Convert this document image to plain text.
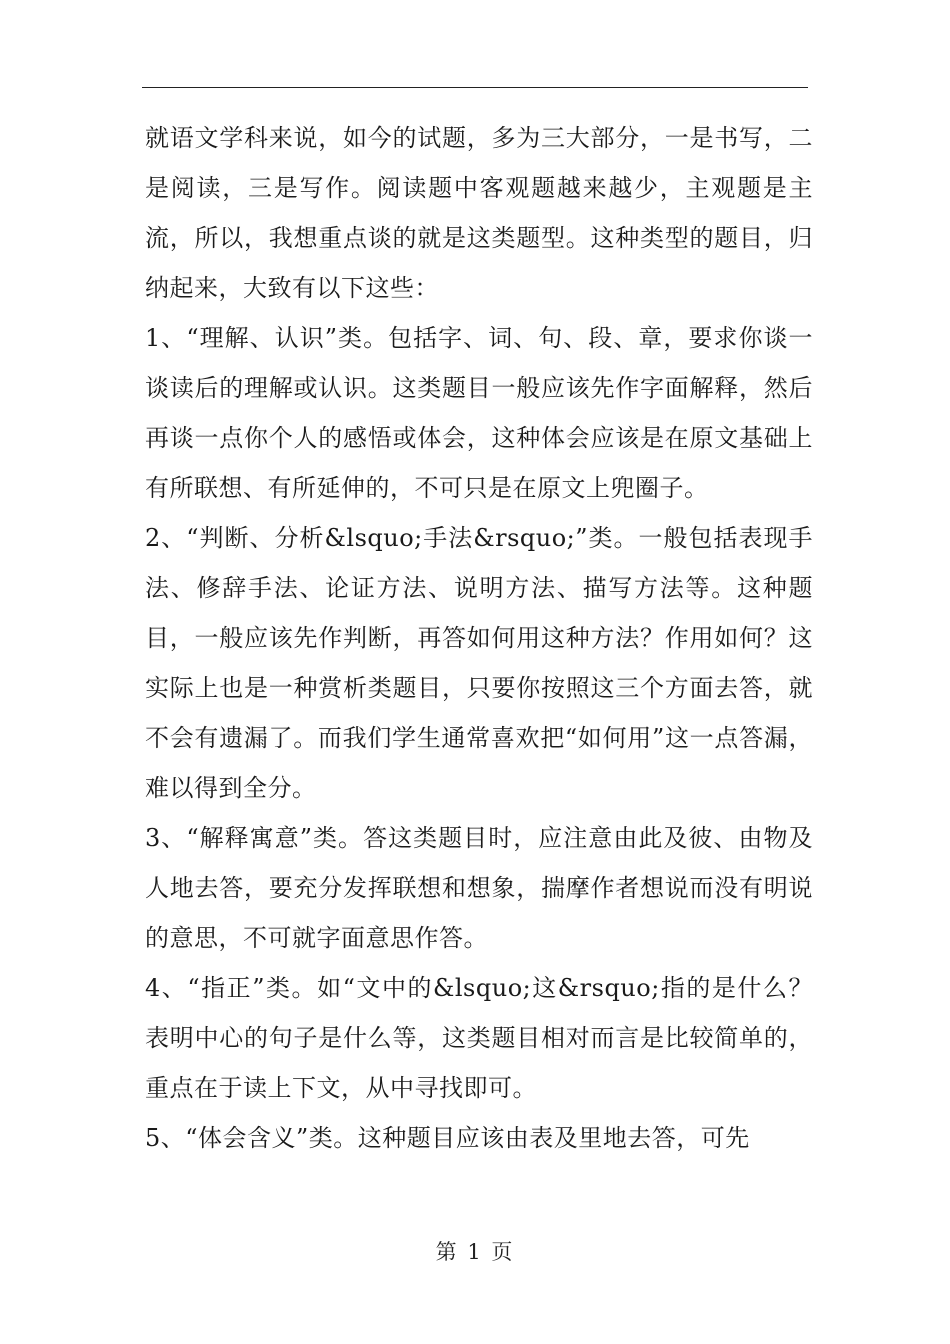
就语文学科来说，如今的试题，多为三大部分，一是书写，二是阅读，三是写作。阅读题中客观题越来越少，主观题是主流，所以，我想重点谈的就是这类题型。这种类型的题目，归纳起来，大致有以下这些：

1、“理解、认识”类。包括字、词、句、段、章，要求你谈一谈读后的理解或认识。这类题目一般应该先作字面解释，然后再谈一点你个人的感悟或体会，这种体会应该是在原文基础上有所联想、有所延伸的，不可只是在原文上兜圈子。

2、“判断、分析&lsquo;手法&rsquo;”类。一般包括表现手法、修辞手法、论证方法、说明方法、描写方法等。这种题目，一般应该先作判断，再答如何用这种方法？作用如何？这实际上也是一种赏析类题目，只要你按照这三个方面去答，就不会有遗漏了。而我们学生通常喜欢把“如何用”这一点答漏，难以得到全分。

3、“解释寓意”类。答这类题目时，应注意由此及彼、由物及人地去答，要充分发挥联想和想象，揣摩作者想说而没有明说的意思，不可就字面意思作答。

4、“指正”类。如“文中的&lsquo;这&rsquo;指的是什么？表明中心的句子是什么等，这类题目相对而言是比较简单的，重点在于读上下文，从中寻找即可。

5、“体会含义”类。这种题目应该由表及里地去答，可先

第 1 页
